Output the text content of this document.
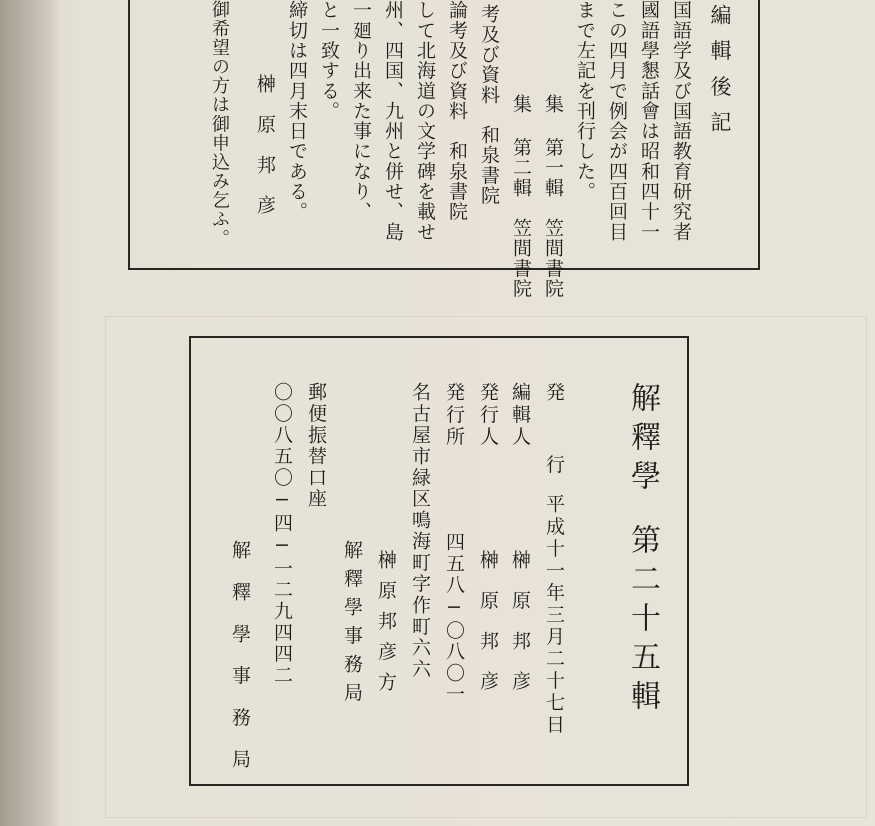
編輯後記
国語学及び国語教育研究者
國語學懇話會は昭和四十一
この四月で例会が四百回目
まで左記を刊行した。
集 第一輯　笠間書院
集 第二輯　笠間書院
考及び資料　和泉書院
論考及び資料　和泉書院
して北海道の文学碑を載せ
州、四国、九州と併せ、島
一廻り出来た事になり、
と一致する。
締切は四月末日である。
榊　原　邦　彦
御希望の方は御申込み乞ふ。
解釋學
第二十五輯
発　行
平成十一年三月二十七日
編輯人
榊　原　邦　彦
発行人
榊　原　邦　彦
発行所
四五八−〇八〇一
名古屋市緑区鳴海町字作町六六
榊原邦彦方
解釋學事務局
郵便振替口座
〇〇八五〇−四−一二九四四二
解　釋　學　事　務　局
